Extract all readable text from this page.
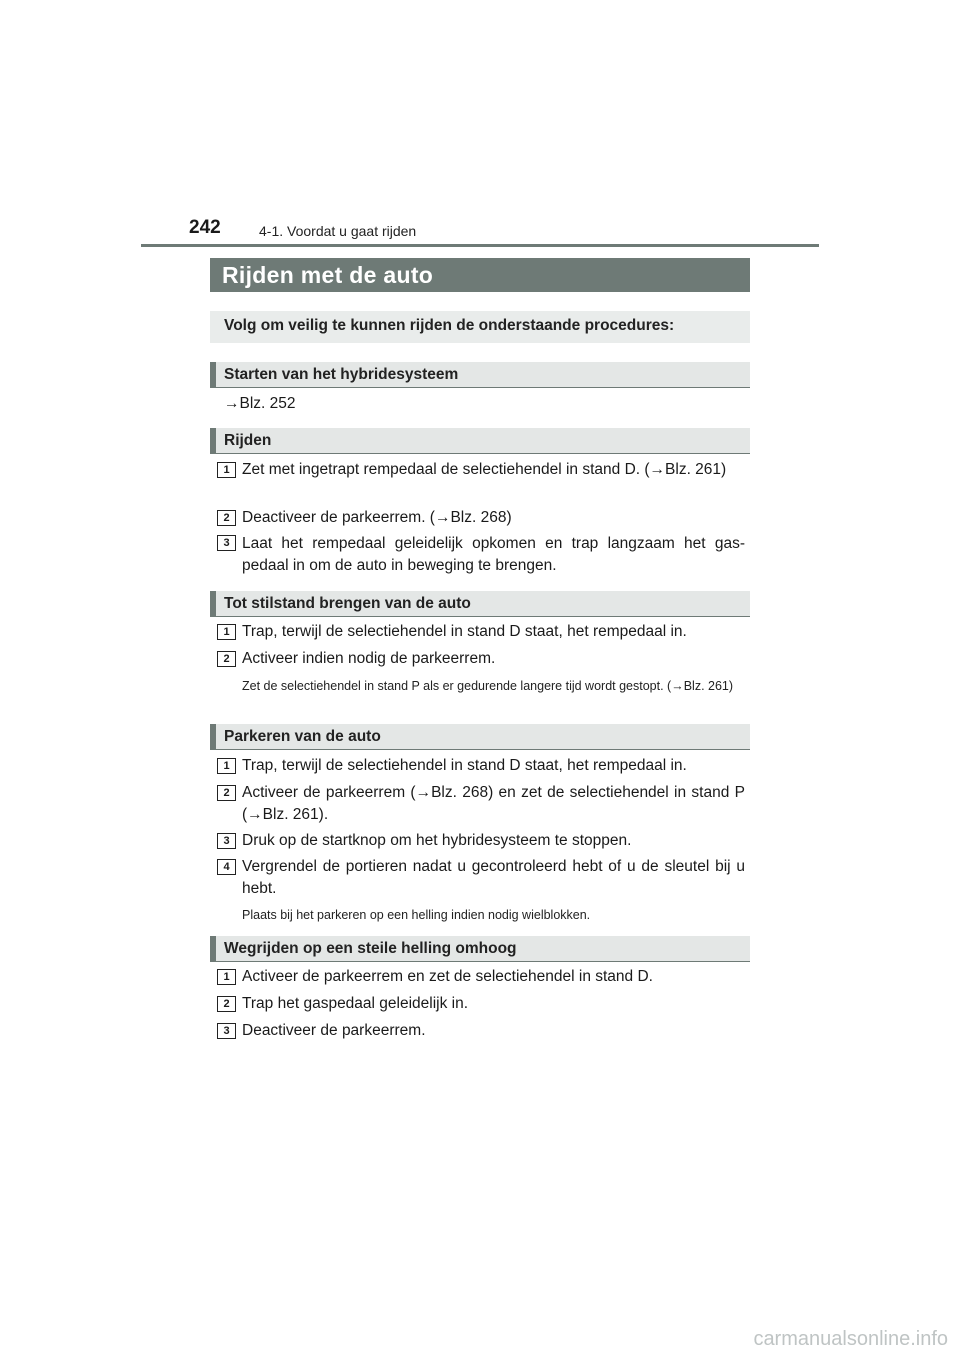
242	4-1. Voordat u gaat rijden
Rijden met de auto
Volg om veilig te kunnen rijden de onderstaande procedures:
Starten van het hybridesysteem
→Blz. 252
Rijden
1 Zet met ingetrapt rempedaal de selectiehendel in stand D. (→Blz. 261)
2 Deactiveer de parkeerrem. (→Blz. 268)
3 Laat het rempedaal geleidelijk opkomen en trap langzaam het gas-pedaal in om de auto in beweging te brengen.
Tot stilstand brengen van de auto
1 Trap, terwijl de selectiehendel in stand D staat, het rempedaal in.
2 Activeer indien nodig de parkeerrem.
Zet de selectiehendel in stand P als er gedurende langere tijd wordt gestopt. (→Blz. 261)
Parkeren van de auto
1 Trap, terwijl de selectiehendel in stand D staat, het rempedaal in.
2 Activeer de parkeerrem (→Blz. 268) en zet de selectiehendel in stand P (→Blz. 261).
3 Druk op de startknop om het hybridesysteem te stoppen.
4 Vergrendel de portieren nadat u gecontroleerd hebt of u de sleutel bij u hebt.
Plaats bij het parkeren op een helling indien nodig wielblokken.
Wegrijden op een steile helling omhoog
1 Activeer de parkeerrem en zet de selectiehendel in stand D.
2 Trap het gaspedaal geleidelijk in.
3 Deactiveer de parkeerrem.
carmanualsonline.info
